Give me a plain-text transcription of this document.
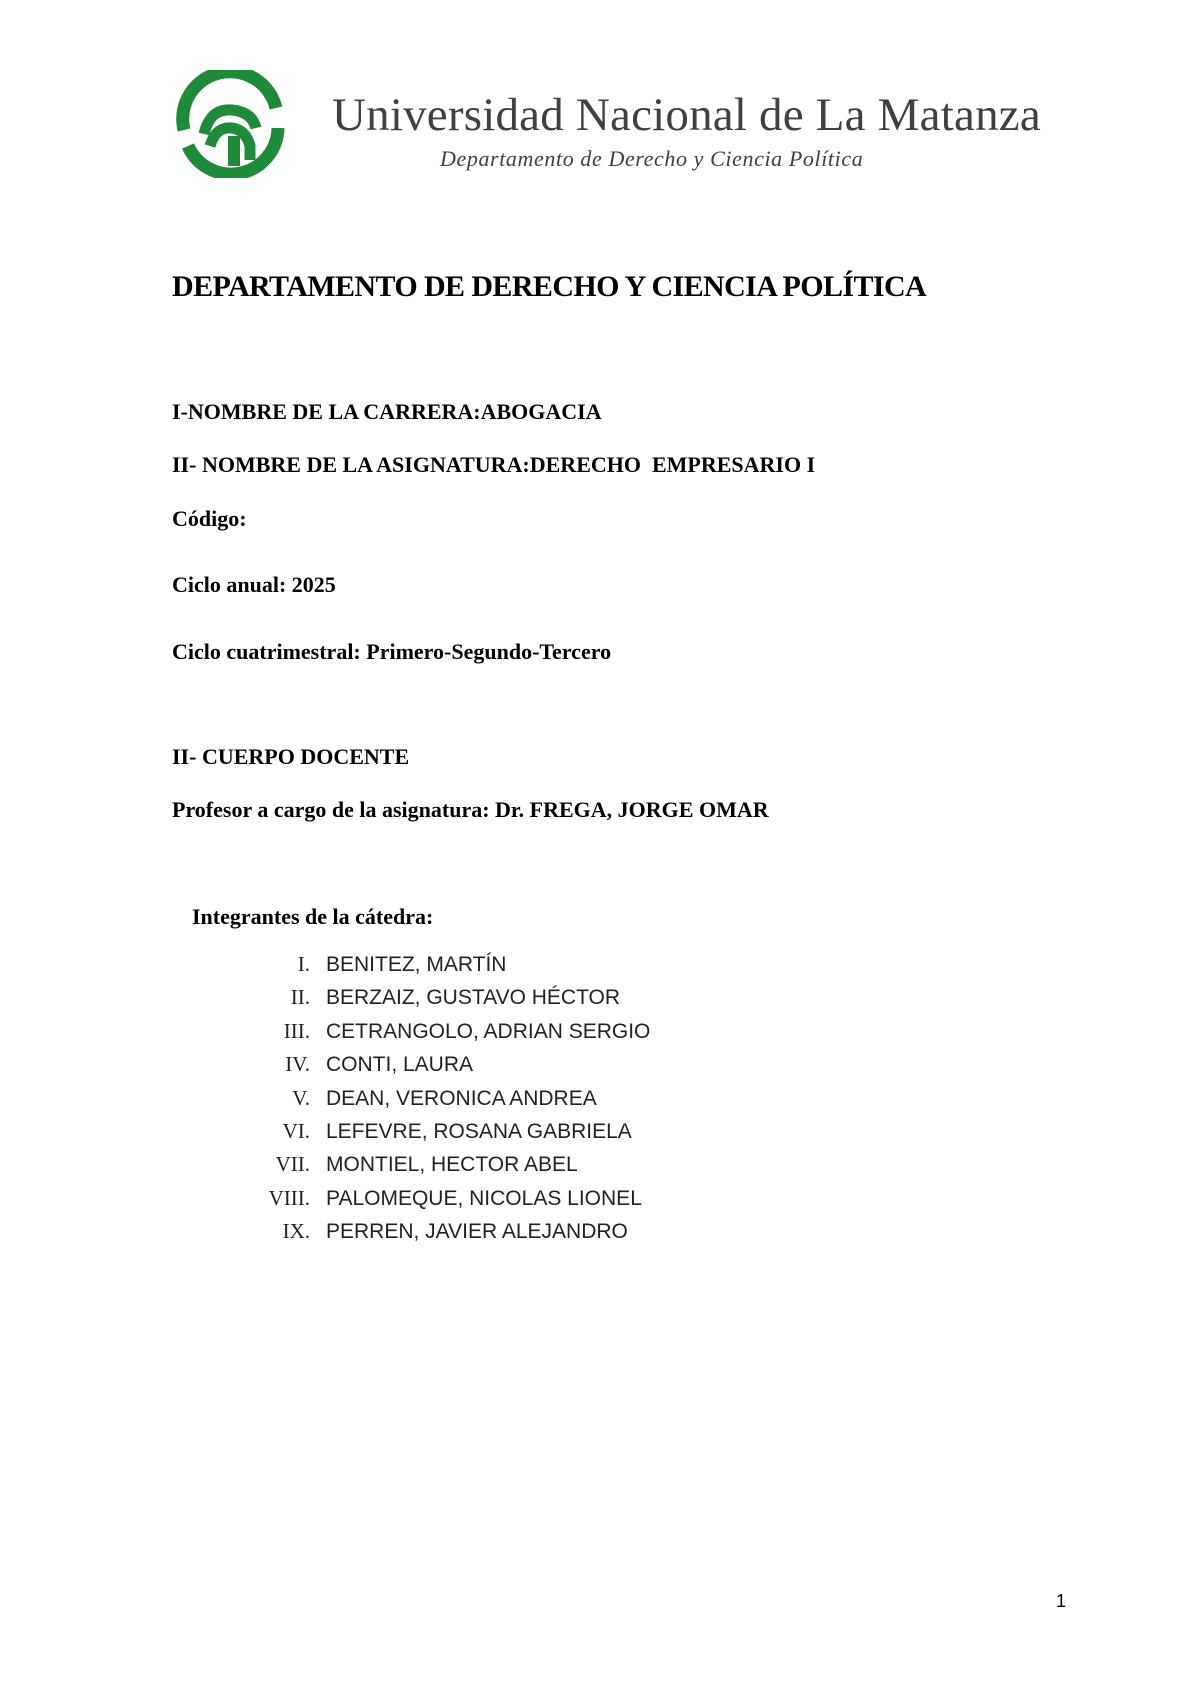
Universidad Nacional de La Matanza
Departamento de Derecho y Ciencia Política
DEPARTAMENTO DE DERECHO Y CIENCIA POLÍTICA
I-NOMBRE DE LA CARRERA:ABOGACIA
II- NOMBRE DE LA ASIGNATURA:DERECHO  EMPRESARIO I
Código:
Ciclo anual: 2025
Ciclo cuatrimestral: Primero-Segundo-Tercero
II- CUERPO DOCENTE
Profesor a cargo de la asignatura: Dr. FREGA, JORGE OMAR
Integrantes de la cátedra:
I. BENITEZ, MARTÍN
II. BERZAIZ, GUSTAVO HÉCTOR
III. CETRANGOLO, ADRIAN SERGIO
IV. CONTI, LAURA
V. DEAN, VERONICA ANDREA
VI. LEFEVRE, ROSANA GABRIELA
VII. MONTIEL, HECTOR ABEL
VIII. PALOMEQUE, NICOLAS LIONEL
IX. PERREN, JAVIER ALEJANDRO
1
